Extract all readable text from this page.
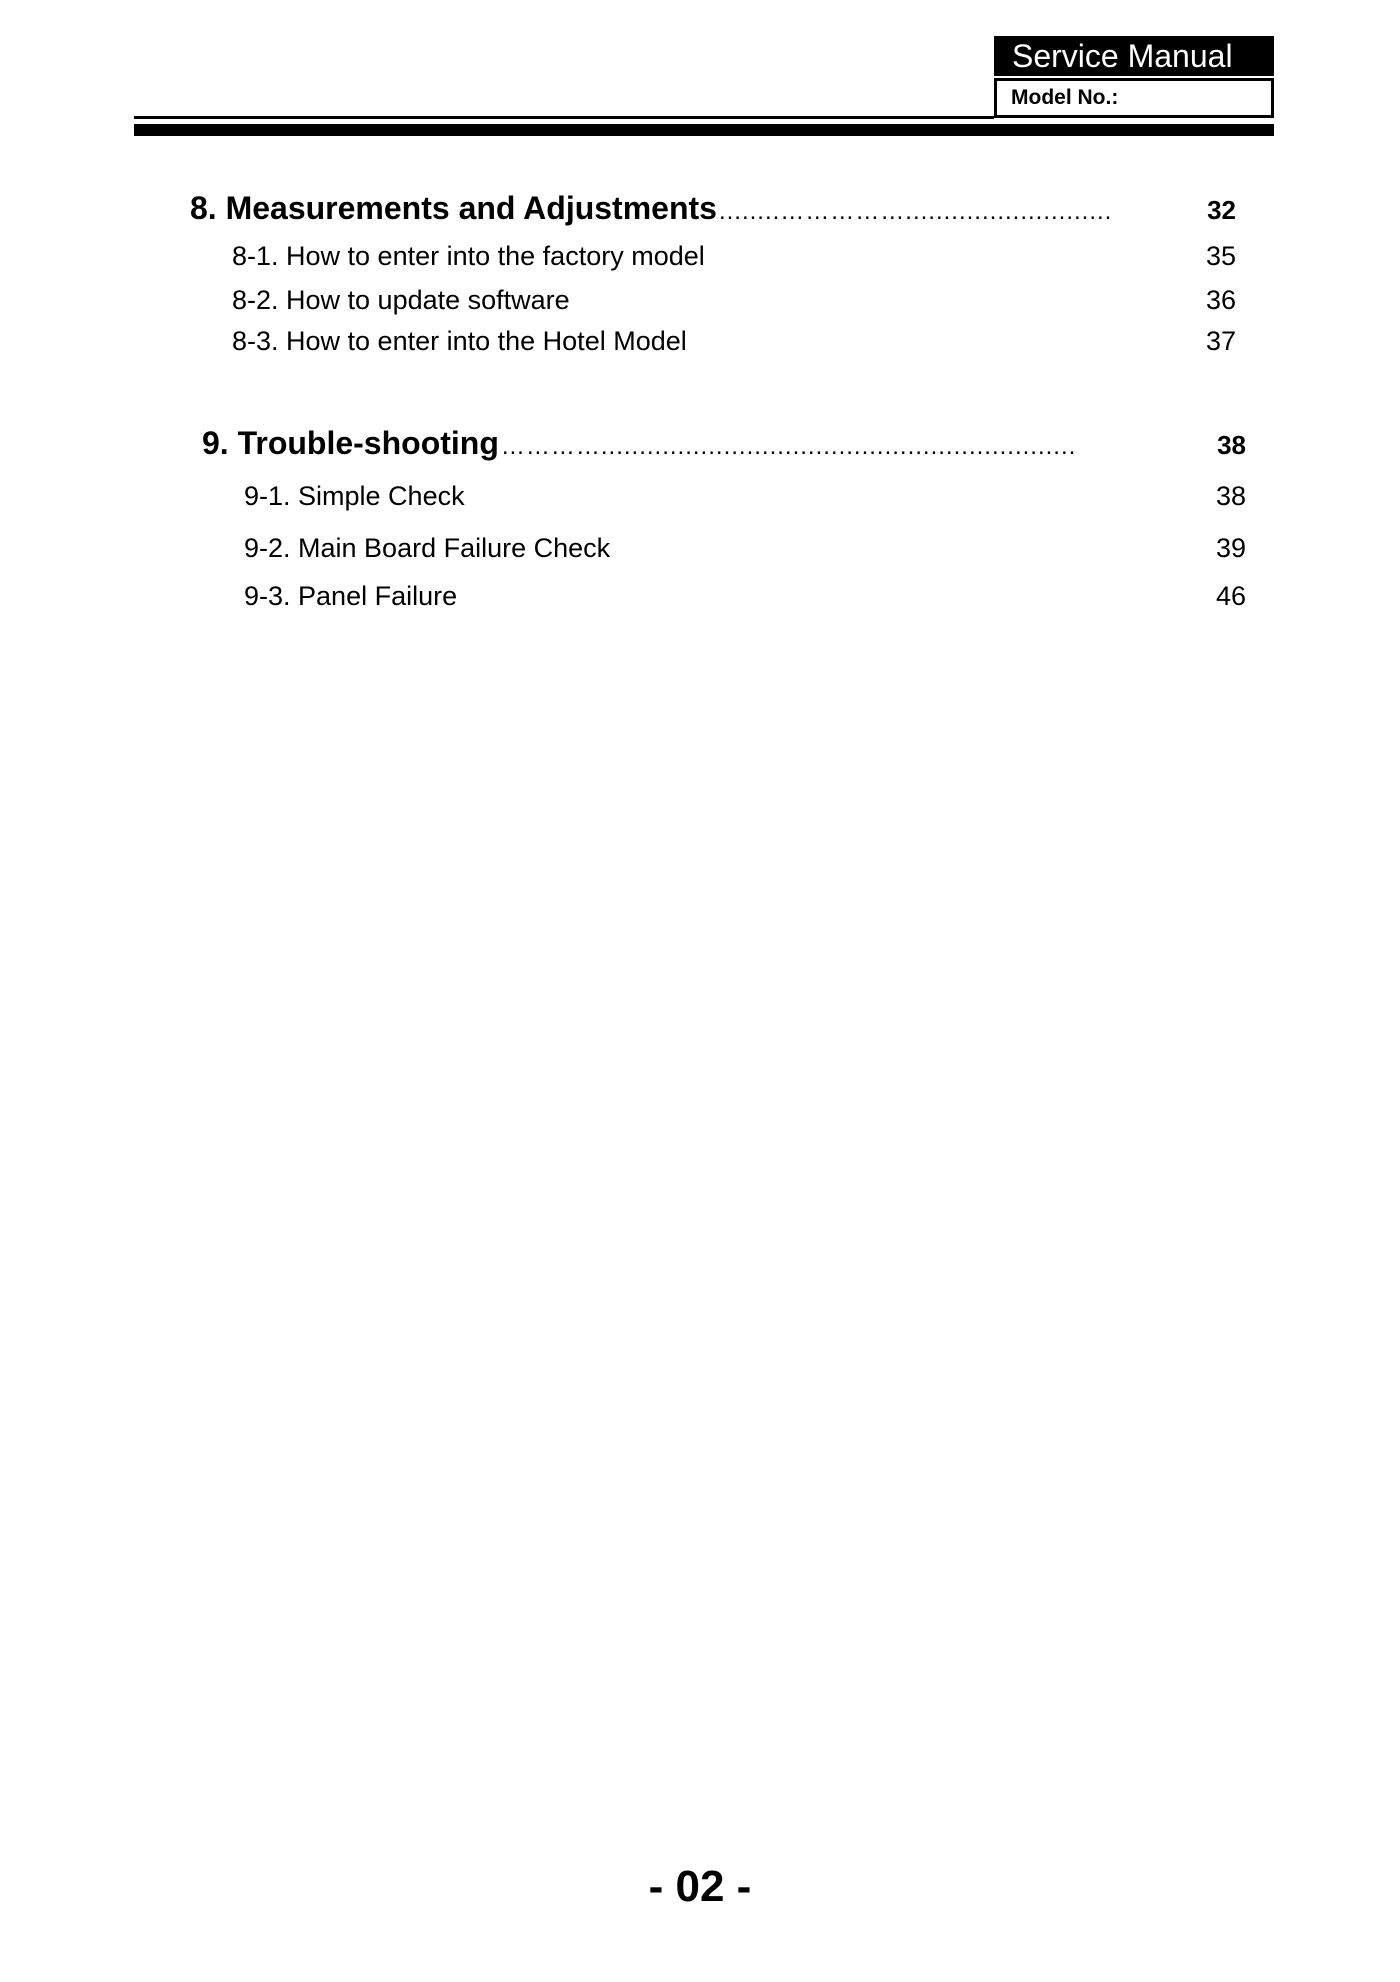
Service Manual
Model No.:
8. Measurements and Adjustments ........……………...........................	32
8-1. How to enter into the factory model	35
8-2. How to update software	36
8-3. How to enter into the Hotel Model	37
9. Trouble-shooting …………..............................................................	38
9-1. Simple Check	38
9-2. Main Board Failure Check	39
9-3. Panel Failure	46
- 02 -
